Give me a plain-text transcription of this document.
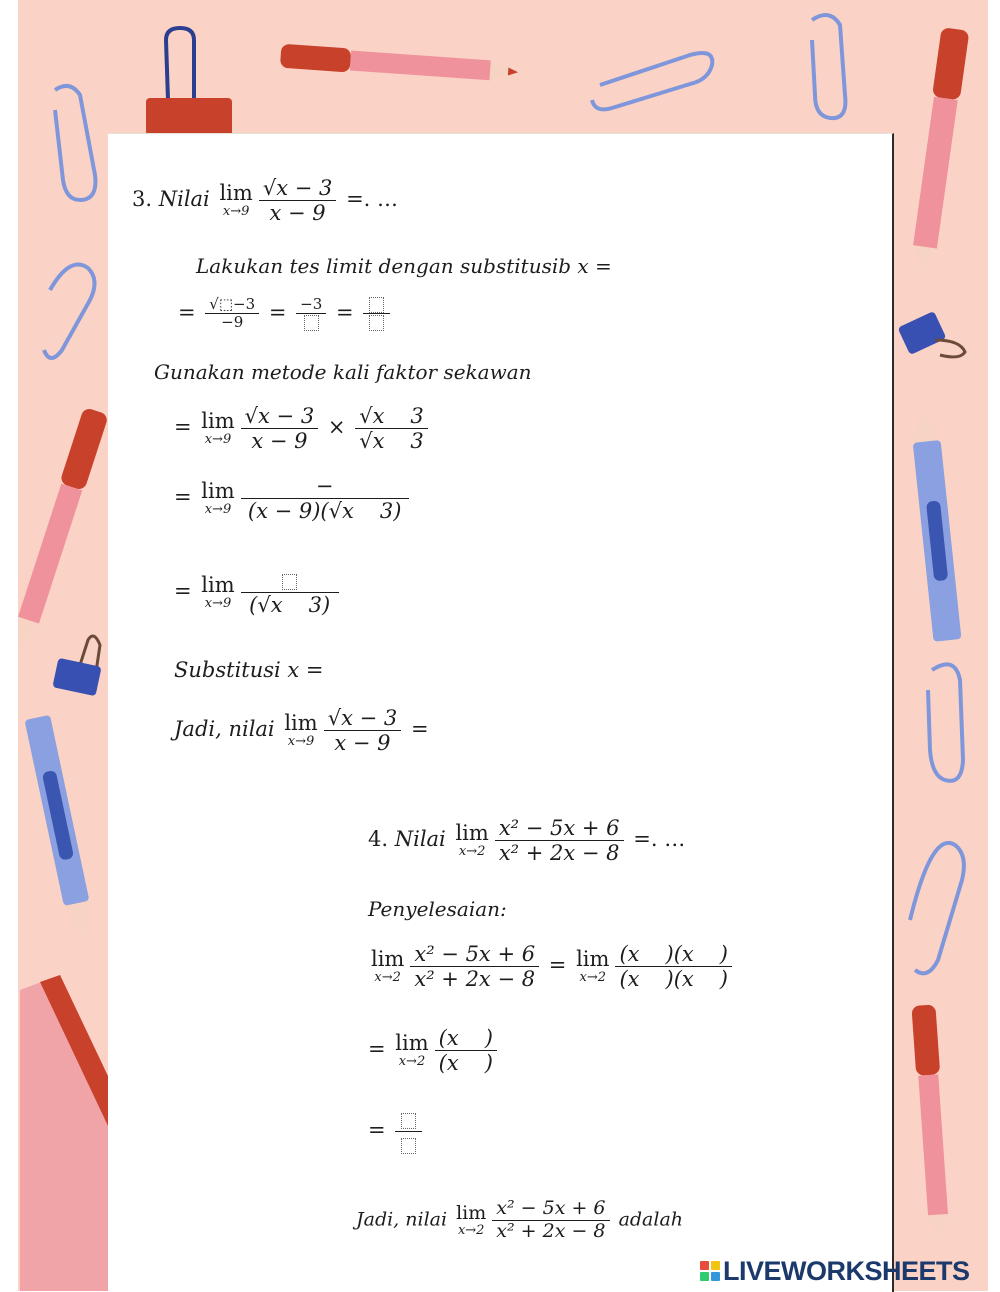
3. Nilai lim
$x\to 9 \frac{√x - 3}{x - 9}$ =. …
Lakukan tes limit dengan substitusib x =
= $\frac{√⬚-3}{-9} = -3$ =
Gunakan metode kali faktor sekawan
= lim
$x\to 9 \frac{√x - 3}{x - 9} \times \frac{√x 3}{√x 3}$
= lim
$x\to 9 \frac{-}{(x - 9)(√x 3)}$
= lim
x→9 (√x 3)
Substitusi x =
Jadi, nilai lim
$x\to 9 \frac{√x - 3}{x - 9}$ =
4. Nilai lim
$x\to 2 \frac{\text{x² − 5x + 6}}{\text{x² + 2x − 8}}$ =. …
Penyelesaian:
lim
$x\to 2 \frac{\text{x² − 5x + 6}}{\text{x² + 2x − 8}} = \lim$
$x\to 2 \frac{(x )(x )}{(x )(x )}$
= lim
$x\to 2 \frac{(x )}{(x )}$
=
Jadi, nilai lim
$x\to 2 \frac{\text{x² − 5x + 6}}{\text{x² + 2x − 8}}$ adalah
LIVEWORKSHEETS
